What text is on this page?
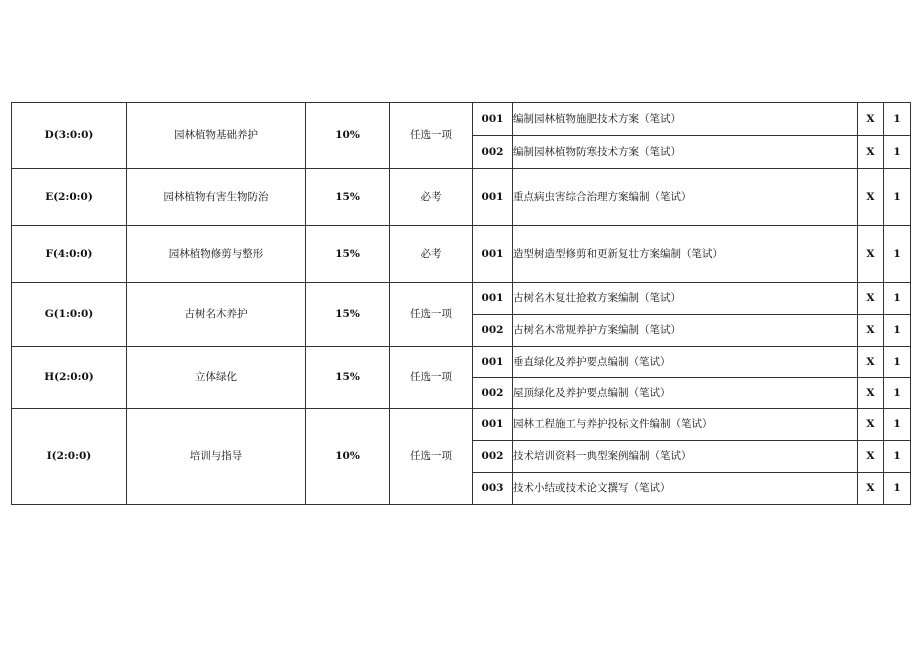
D(3:0:0)	园林植物基础养护	10%	任选一项	001	编制园林植物施肥技术方案（笔试）	X	1
				002	编制园林植物防寒技术方案（笔试）	X	1
E(2:0:0)	园林植物有害生物防治	15%	必考	001	重点病虫害综合治理方案编制（笔试）	X	1
F(4:0:0)	园林植物修剪与整形	15%	必考	001	造型树造型修剪和更新复壮方案编制（笔试）	X	1
G(1:0:0)	古树名木养护	15%	任选一项	001	古树名木复壮抢救方案编制（笔试）	X	1
				002	古树名木常规养护方案编制（笔试）	X	1
H(2:0:0)	立体绿化	15%	任选一项	001	垂直绿化及养护要点编制（笔试）	X	1
				002	屋顶绿化及养护要点编制（笔试）	X	1
I(2:0:0)	培训与指导	10%	任选一项	001	园林工程施工与养护投标文件编制（笔试）	X	1
				002	技术培训资料一典型案例编制（笔试）	X	1
				003	技术小结或技术论文撰写（笔试）	X	1
